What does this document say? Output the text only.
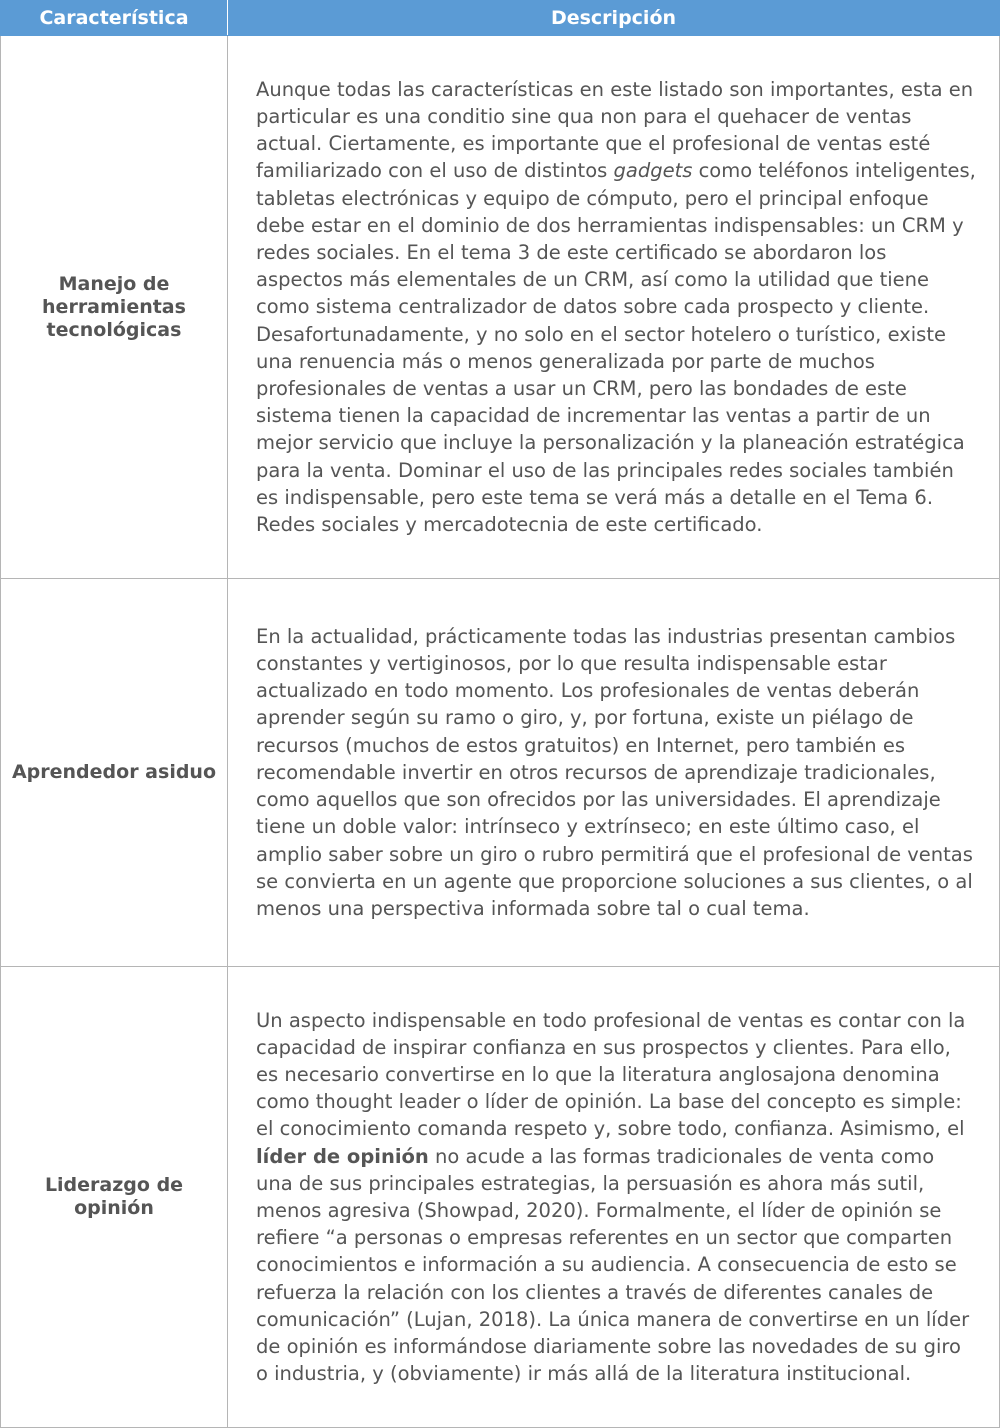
Característica	Descripción
Manejo de herramientas tecnológicas	Aunque todas las características en este listado son importantes, esta en particular es una conditio sine qua non para el quehacer de ventas actual. Ciertamente, es importante que el profesional de ventas esté familiarizado con el uso de distintos gadgets como teléfonos inteligentes, tabletas electrónicas y equipo de cómputo, pero el principal enfoque debe estar en el dominio de dos herramientas indispensables: un CRM y redes sociales. En el tema 3 de este certificado se abordaron los aspectos más elementales de un CRM, así como la utilidad que tiene como sistema centralizador de datos sobre cada prospecto y cliente. Desafortunadamente, y no solo en el sector hotelero o turístico, existe una renuencia más o menos generalizada por parte de muchos profesionales de ventas a usar un CRM, pero las bondades de este sistema tienen la capacidad de incrementar las ventas a partir de un mejor servicio que incluye la personalización y la planeación estratégica para la venta. Dominar el uso de las principales redes sociales también es indispensable, pero este tema se verá más a detalle en el Tema 6. Redes sociales y mercadotecnia de este certificado.
Aprendedor asiduo	En la actualidad, prácticamente todas las industrias presentan cambios constantes y vertiginosos, por lo que resulta indispensable estar actualizado en todo momento. Los profesionales de ventas deberán aprender según su ramo o giro, y, por fortuna, existe un piélago de recursos (muchos de estos gratuitos) en Internet, pero también es recomendable invertir en otros recursos de aprendizaje tradicionales, como aquellos que son ofrecidos por las universidades. El aprendizaje tiene un doble valor: intrínseco y extrínseco; en este último caso, el amplio saber sobre un giro o rubro permitirá que el profesional de ventas se convierta en un agente que proporcione soluciones a sus clientes, o al menos una perspectiva informada sobre tal o cual tema.
Liderazgo de opinión	Un aspecto indispensable en todo profesional de ventas es contar con la capacidad de inspirar confianza en sus prospectos y clientes. Para ello, es necesario convertirse en lo que la literatura anglosajona denomina como thought leader o líder de opinión. La base del concepto es simple: el conocimiento comanda respeto y, sobre todo, confianza. Asimismo, el líder de opinión no acude a las formas tradicionales de venta como una de sus principales estrategias, la persuasión es ahora más sutil, menos agresiva (Showpad, 2020). Formalmente, el líder de opinión se refiere “a personas o empresas referentes en un sector que comparten conocimientos e información a su audiencia. A consecuencia de esto se refuerza la relación con los clientes a través de diferentes canales de comunicación” (Lujan, 2018). La única manera de convertirse en un líder de opinión es informándose diariamente sobre las novedades de su giro o industria, y (obviamente) ir más allá de la literatura institucional.
